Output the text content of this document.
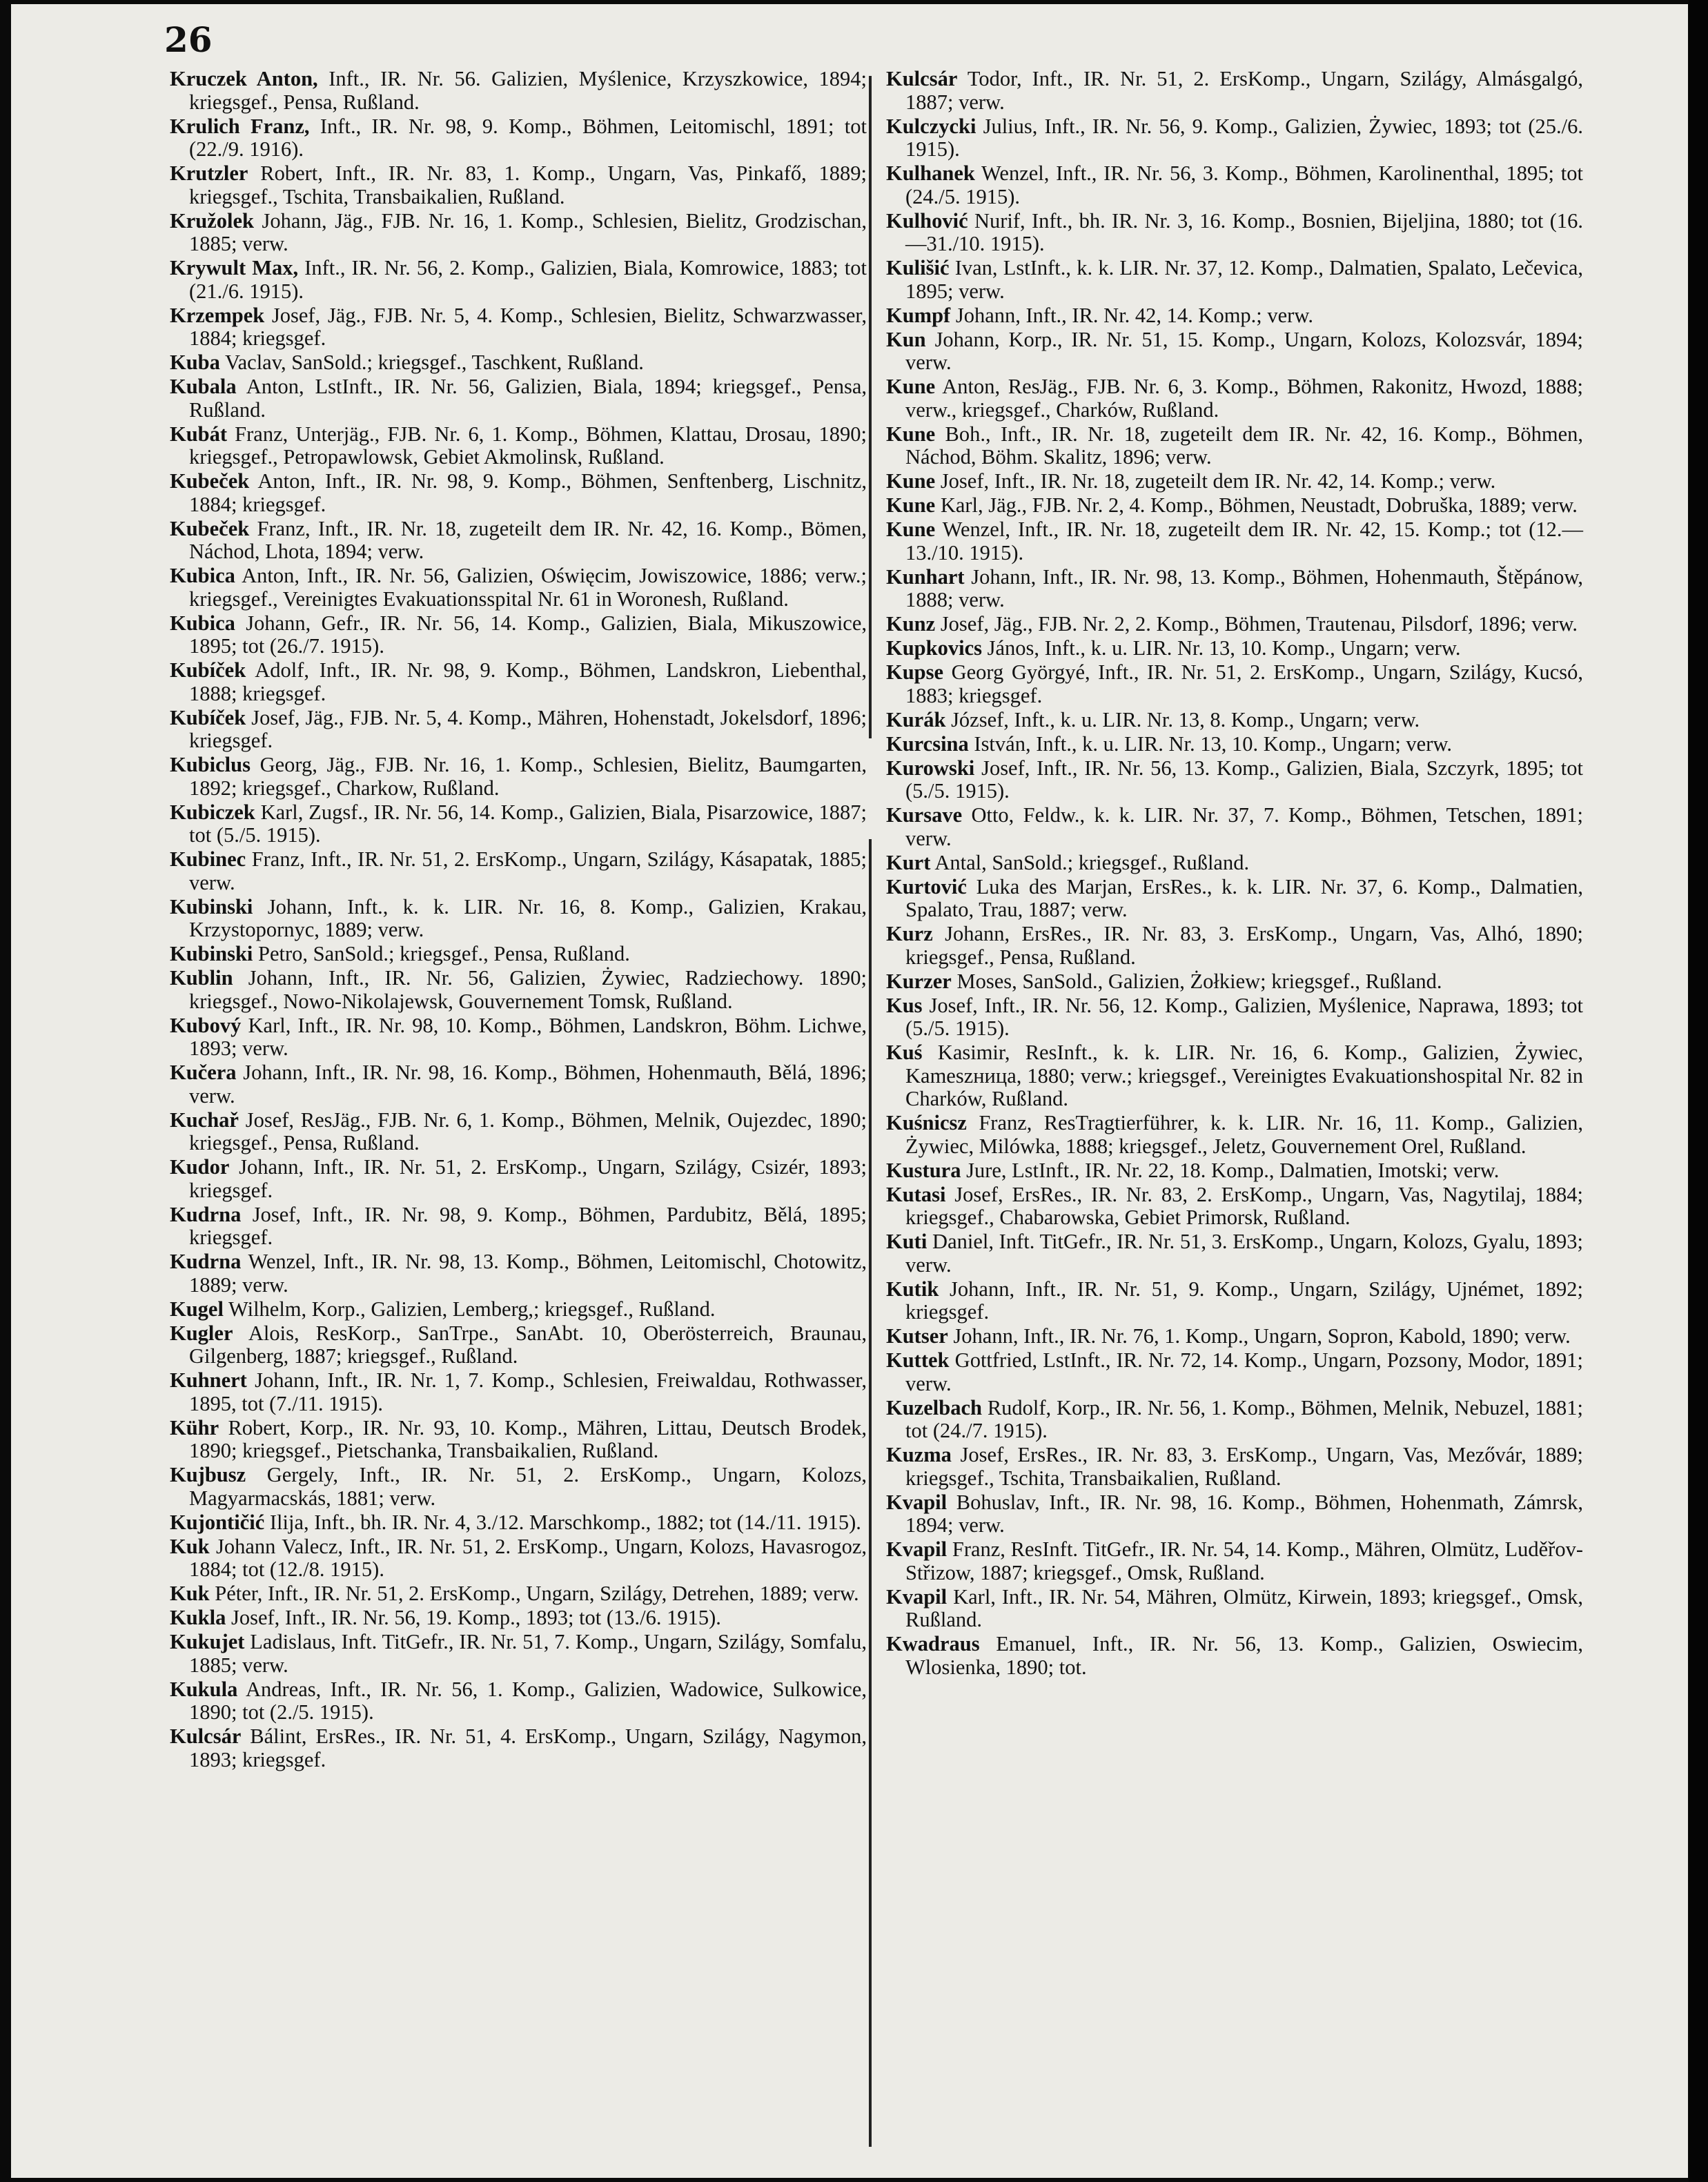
26

Kruczek Anton, Inft., IR. Nr. 56. Galizien, Myślenice, Krzyszkowice, 1894; kriegsgef., Pensa, Rußland.

Krulich Franz, Inft., IR. Nr. 98, 9. Komp., Böhmen, Leitomischl, 1891; tot (22./9. 1916).

Krutzler Robert, Inft., IR. Nr. 83, 1. Komp., Ungarn, Vas, Pinkafő, 1889; kriegsgef., Tschita, Transbaikalien, Rußland.

Kružolek Johann, Jäg., FJB. Nr. 16, 1. Komp., Schlesien, Bielitz, Grodzischan, 1885; verw.

Krywult Max, Inft., IR. Nr. 56, 2. Komp., Galizien, Biala, Komrowice, 1883; tot (21./6. 1915).

Krzempek Josef, Jäg., FJB. Nr. 5, 4. Komp., Schlesien, Bielitz, Schwarzwasser, 1884; kriegsgef.

Kuba Vaclav, SanSold.; kriegsgef., Taschkent, Rußland.

Kubala Anton, LstInft., IR. Nr. 56, Galizien, Biala, 1894; kriegsgef., Pensa, Rußland.

Kubát Franz, Unterjäg., FJB. Nr. 6, 1. Komp., Böhmen, Klattau, Drosau, 1890; kriegsgef., Petropawlowsk, Gebiet Akmolinsk, Rußland.

Kubeček Anton, Inft., IR. Nr. 98, 9. Komp., Böhmen, Senftenberg, Lischnitz, 1884; kriegsgef.

Kubeček Franz, Inft., IR. Nr. 18, zugeteilt dem IR. Nr. 42, 16. Komp., Bömen, Náchod, Lhota, 1894; verw.

Kubica Anton, Inft., IR. Nr. 56, Galizien, Oświęcim, Jowiszowice, 1886; verw.; kriegsgef., Vereinigtes Evakuationsspital Nr. 61 in Woronesh, Rußland.

Kubica Johann, Gefr., IR. Nr. 56, 14. Komp., Galizien, Biala, Mikuszowice, 1895; tot (26./7. 1915).

Kubíček Adolf, Inft., IR. Nr. 98, 9. Komp., Böhmen, Landskron, Liebenthal, 1888; kriegsgef.

Kubíček Josef, Jäg., FJB. Nr. 5, 4. Komp., Mähren, Hohenstadt, Jokelsdorf, 1896; kriegsgef.

Kubiclus Georg, Jäg., FJB. Nr. 16, 1. Komp., Schlesien, Bielitz, Baumgarten, 1892; kriegsgef., Charkow, Rußland.

Kubiczek Karl, Zugsf., IR. Nr. 56, 14. Komp., Galizien, Biala, Pisarzowice, 1887; tot (5./5. 1915).

Kubinec Franz, Inft., IR. Nr. 51, 2. ErsKomp., Ungarn, Szilágy, Kásapatak, 1885; verw.

Kubinski Johann, Inft., k. k. LIR. Nr. 16, 8. Komp., Galizien, Krakau, Krzystopornyc, 1889; verw.

Kubinski Petro, SanSold.; kriegsgef., Pensa, Rußland.

Kublin Johann, Inft., IR. Nr. 56, Galizien, Żywiec, Radziechowy. 1890; kriegsgef., Nowo-Nikolajewsk, Gouvernement Tomsk, Rußland.

Kubový Karl, Inft., IR. Nr. 98, 10. Komp., Böhmen, Landskron, Böhm. Lichwe, 1893; verw.

Kučera Johann, Inft., IR. Nr. 98, 16. Komp., Böhmen, Hohenmauth, Bělá, 1896; verw.

Kuchař Josef, ResJäg., FJB. Nr. 6, 1. Komp., Böhmen, Melnik, Oujezdec, 1890; kriegsgef., Pensa, Rußland.

Kudor Johann, Inft., IR. Nr. 51, 2. ErsKomp., Ungarn, Szilágy, Csizér, 1893; kriegsgef.

Kudrna Josef, Inft., IR. Nr. 98, 9. Komp., Böhmen, Pardubitz, Bělá, 1895; kriegsgef.

Kudrna Wenzel, Inft., IR. Nr. 98, 13. Komp., Böhmen, Leitomischl, Chotowitz, 1889; verw.

Kugel Wilhelm, Korp., Galizien, Lemberg,; kriegsgef., Rußland.

Kugler Alois, ResKorp., SanTrpe., SanAbt. 10, Oberösterreich, Braunau, Gilgenberg, 1887; kriegsgef., Rußland.

Kuhnert Johann, Inft., IR. Nr. 1, 7. Komp., Schlesien, Freiwaldau, Rothwasser, 1895, tot (7./11. 1915).

Kühr Robert, Korp., IR. Nr. 93, 10. Komp., Mähren, Littau, Deutsch Brodek, 1890; kriegsgef., Pietschanka, Transbaikalien, Rußland.

Kujbusz Gergely, Inft., IR. Nr. 51, 2. ErsKomp., Ungarn, Kolozs, Magyarmacskás, 1881; verw.

Kujontičić Ilija, Inft., bh. IR. Nr. 4, 3./12. Marschkomp., 1882; tot (14./11. 1915).

Kuk Johann Valecz, Inft., IR. Nr. 51, 2. ErsKomp., Ungarn, Kolozs, Havasrogoz, 1884; tot (12./8. 1915).

Kuk Péter, Inft., IR. Nr. 51, 2. ErsKomp., Ungarn, Szilágy, Detrehen, 1889; verw.

Kukla Josef, Inft., IR. Nr. 56, 19. Komp., 1893; tot (13./6. 1915).

Kukujet Ladislaus, Inft. TitGefr., IR. Nr. 51, 7. Komp., Ungarn, Szilágy, Somfalu, 1885; verw.

Kukula Andreas, Inft., IR. Nr. 56, 1. Komp., Galizien, Wadowice, Sulkowice, 1890; tot (2./5. 1915).

Kulcsár Bálint, ErsRes., IR. Nr. 51, 4. ErsKomp., Ungarn, Szilágy, Nagymon, 1893; kriegsgef.

Kulcsár Todor, Inft., IR. Nr. 51, 2. ErsKomp., Ungarn, Szilágy, Almásgalgó, 1887; verw.

Kulczycki Julius, Inft., IR. Nr. 56, 9. Komp., Galizien, Żywiec, 1893; tot (25./6. 1915).

Kulhanek Wenzel, Inft., IR. Nr. 56, 3. Komp., Böhmen, Karolinenthal, 1895; tot (24./5. 1915).

Kulhović Nurif, Inft., bh. IR. Nr. 3, 16. Komp., Bosnien, Bijeljina, 1880; tot (16.—31./10. 1915).

Kulišić Ivan, LstInft., k. k. LIR. Nr. 37, 12. Komp., Dalmatien, Spalato, Lečevica, 1895; verw.

Kumpf Johann, Inft., IR. Nr. 42, 14. Komp.; verw.

Kun Johann, Korp., IR. Nr. 51, 15. Komp., Ungarn, Kolozs, Kolozsvár, 1894; verw.

Kune Anton, ResJäg., FJB. Nr. 6, 3. Komp., Böhmen, Rakonitz, Hwozd, 1888; verw., kriegsgef., Charków, Rußland.

Kune Boh., Inft., IR. Nr. 18, zugeteilt dem IR. Nr. 42, 16. Komp., Böhmen, Náchod, Böhm. Skalitz, 1896; verw.

Kune Josef, Inft., IR. Nr. 18, zugeteilt dem IR. Nr. 42, 14. Komp.; verw.

Kune Karl, Jäg., FJB. Nr. 2, 4. Komp., Böhmen, Neustadt, Dobruška, 1889; verw.

Kune Wenzel, Inft., IR. Nr. 18, zugeteilt dem IR. Nr. 42, 15. Komp.; tot (12.—13./10. 1915).

Kunhart Johann, Inft., IR. Nr. 98, 13. Komp., Böhmen, Hohenmauth, Štěpánow, 1888; verw.

Kunz Josef, Jäg., FJB. Nr. 2, 2. Komp., Böhmen, Trautenau, Pilsdorf, 1896; verw.

Kupkovics János, Inft., k. u. LIR. Nr. 13, 10. Komp., Ungarn; verw.

Kupse Georg Györgyé, Inft., IR. Nr. 51, 2. ErsKomp., Ungarn, Szilágy, Kucsó, 1883; kriegsgef.

Kurák József, Inft., k. u. LIR. Nr. 13, 8. Komp., Ungarn; verw.

Kurcsina István, Inft., k. u. LIR. Nr. 13, 10. Komp., Ungarn; verw.

Kurowski Josef, Inft., IR. Nr. 56, 13. Komp., Galizien, Biala, Szczyrk, 1895; tot (5./5. 1915).

Kursave Otto, Feldw., k. k. LIR. Nr. 37, 7. Komp., Böhmen, Tetschen, 1891; verw.

Kurt Antal, SanSold.; kriegsgef., Rußland.

Kurtović Luka des Marjan, ErsRes., k. k. LIR. Nr. 37, 6. Komp., Dalmatien, Spalato, Trau, 1887; verw.

Kurz Johann, ErsRes., IR. Nr. 83, 3. ErsKomp., Ungarn, Vas, Alhó, 1890; kriegsgef., Pensa, Rußland.

Kurzer Moses, SanSold., Galizien, Żołkiew; kriegsgef., Rußland.

Kus Josef, Inft., IR. Nr. 56, 12. Komp., Galizien, Myślenice, Naprawa, 1893; tot (5./5. 1915).

Kuś Kasimir, ResInft., k. k. LIR. Nr. 16, 6. Komp., Galizien, Żywiec, Kameszница, 1880; verw.; kriegsgef., Vereinigtes Evakuationshospital Nr. 82 in Charków, Rußland.

Kuśnicsz Franz, ResTragtierführer, k. k. LIR. Nr. 16, 11. Komp., Galizien, Żywiec, Milówka, 1888; kriegsgef., Jeletz, Gouvernement Orel, Rußland.

Kustura Jure, LstInft., IR. Nr. 22, 18. Komp., Dalmatien, Imotski; verw.

Kutasi Josef, ErsRes., IR. Nr. 83, 2. ErsKomp., Ungarn, Vas, Nagytilaj, 1884; kriegsgef., Chabarowska, Gebiet Primorsk, Rußland.

Kuti Daniel, Inft. TitGefr., IR. Nr. 51, 3. ErsKomp., Ungarn, Kolozs, Gyalu, 1893; verw.

Kutik Johann, Inft., IR. Nr. 51, 9. Komp., Ungarn, Szilágy, Ujnémet, 1892; kriegsgef.

Kutser Johann, Inft., IR. Nr. 76, 1. Komp., Ungarn, Sopron, Kabold, 1890; verw.

Kuttek Gottfried, LstInft., IR. Nr. 72, 14. Komp., Ungarn, Pozsony, Modor, 1891; verw.

Kuzelbach Rudolf, Korp., IR. Nr. 56, 1. Komp., Böhmen, Melnik, Nebuzel, 1881; tot (24./7. 1915).

Kuzma Josef, ErsRes., IR. Nr. 83, 3. ErsKomp., Ungarn, Vas, Mezővár, 1889; kriegsgef., Tschita, Transbaikalien, Rußland.

Kvapil Bohuslav, Inft., IR. Nr. 98, 16. Komp., Böhmen, Hohenmath, Zámrsk, 1894; verw.

Kvapil Franz, ResInft. TitGefr., IR. Nr. 54, 14. Komp., Mähren, Olmütz, Luděřov-Střizow, 1887; kriegsgef., Omsk, Rußland.

Kvapil Karl, Inft., IR. Nr. 54, Mähren, Olmütz, Kirwein, 1893; kriegsgef., Omsk, Rußland.

Kwadraus Emanuel, Inft., IR. Nr. 56, 13. Komp., Galizien, Oswiecim, Wlosienka, 1890; tot.
